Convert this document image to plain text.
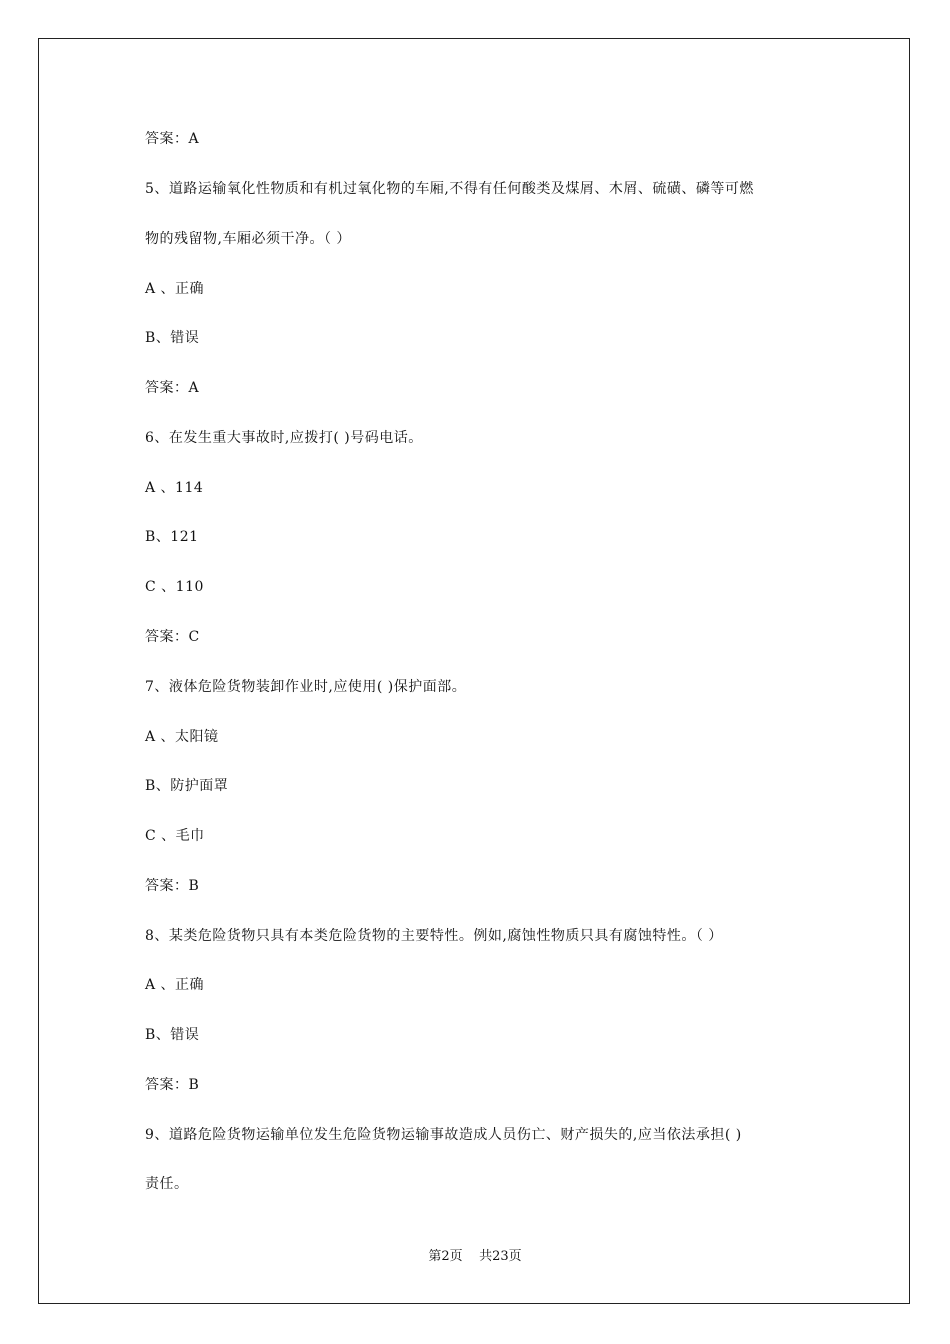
答案：A
5、道路运输氧化性物质和有机过氧化物的车厢,不得有任何酸类及煤屑、木屑、硫磺、磷等可燃
物的残留物,车厢必须干净。（ ）
A 、正确
B、错误
答案：A
6、在发生重大事故时,应拨打( )号码电话。
A 、114
B、121
C 、110
答案：C
7、液体危险货物装卸作业时,应使用( )保护面部。
A 、太阳镜
B、防护面罩
C 、毛巾
答案：B
8、某类危险货物只具有本类危险货物的主要特性。例如,腐蚀性物质只具有腐蚀特性。（ ）
A 、正确
B、错误
答案：B
9、道路危险货物运输单位发生危险货物运输事故造成人员伤亡、财产损失的,应当依法承担( )
责任。
第2页    共23页
